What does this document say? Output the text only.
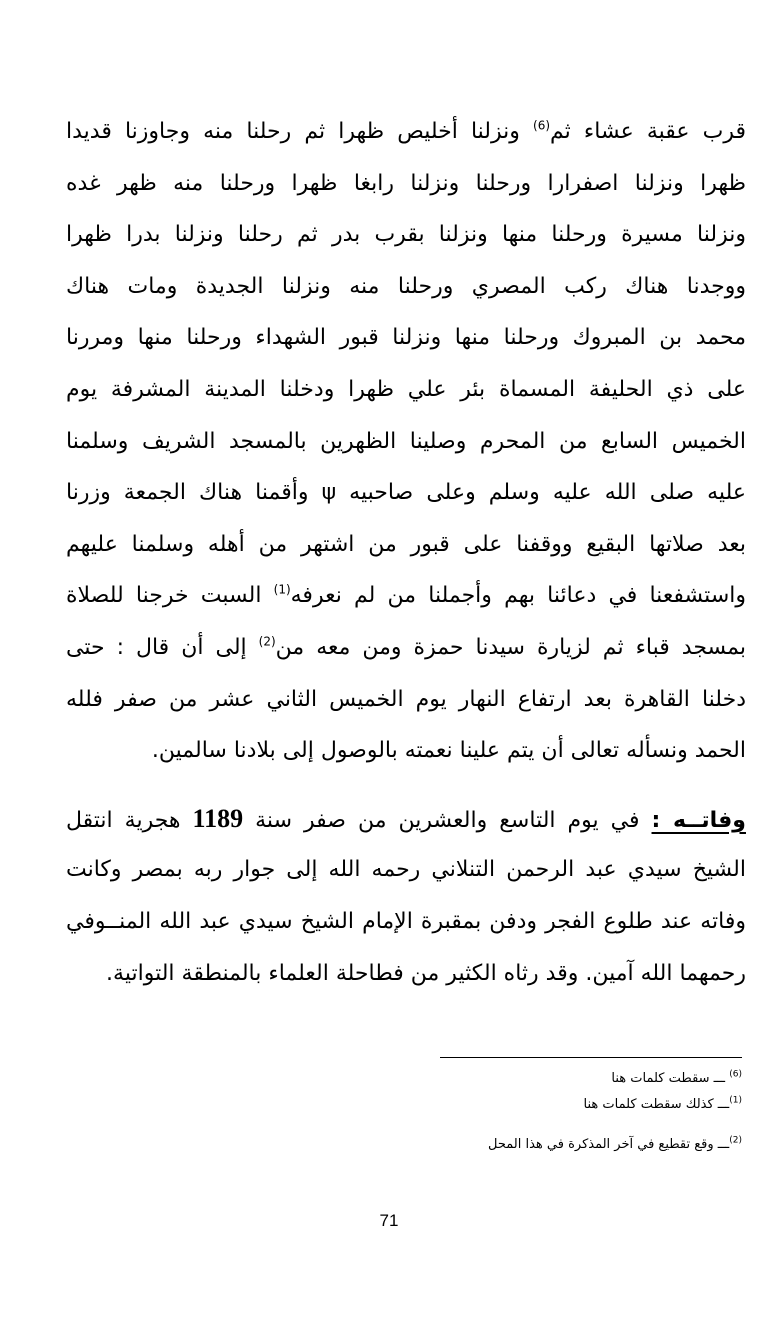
قرب عقبة عشاء ثم$^{(6)}$ ونزلنا أخليص ظهرا ثم رحلنا منه وجاوزنا قديدا
ظهرا ونزلنا اصفرارا ورحلنا ونزلنا رابغا ظهرا ورحلنا منه ظهر غده
ونزلنا مسيرة ورحلنا منها ونزلنا بقرب بدر ثم رحلنا ونزلنا بدرا ظهرا
ووجدنا هناك ركب المصري ورحلنا منه ونزلنا الجديدة ومات هناك
محمد بن المبروك ورحلنا منها ونزلنا قبور الشهداء ورحلنا منها ومررنا
على ذي الحليفة المسماة بئر علي ظهرا ودخلنا المدينة المشرفة يوم
الخميس السابع من المحرم وصلينا الظهرين بالمسجد الشريف وسلمنا
عليه صلى الله عليه وسلم وعلى صاحبيه ψ وأقمنا هناك الجمعة وزرنا
بعد صلاتها البقيع ووقفنا على قبور من اشتهر من أهله وسلمنا عليهم
واستشفعنا في دعائنا بهم وأجملنا من لم نعرفه$^{(1)}$ السبت خرجنا للصلاة
بمسجد قباء ثم لزيارة سيدنا حمزة ومن معه من$^{(2)}$ إلى أن قال : حتى
دخلنا القاهرة بعد ارتفاع النهار يوم الخميس الثاني عشر من صفر فلله
الحمد ونسأله تعالى أن يتم علينا نعمته بالوصول إلى بلادنا سالمين.
وفاتــه : في يوم التاسع والعشرين من صفر سنة 1189 هجرية انتقل
الشيخ سيدي عبد الرحمن التنلاني رحمه الله إلى جوار ربه بمصر وكانت
وفاته عند طلوع الفجر ودفن بمقبرة الإمام الشيخ سيدي عبد الله المنــوفي
رحمهما الله آمين. وقد رثاه الكثير من فطاحلة العلماء بالمنطقة التواتية.
$^{(6)}$ ـــ سقطت كلمات هنا
$^{(1)}$ـــ كذلك سقطت كلمات هنا
$^{(2)}$ـــ وقع تقطيع في آخر المذكرة في هذا المحل
71
